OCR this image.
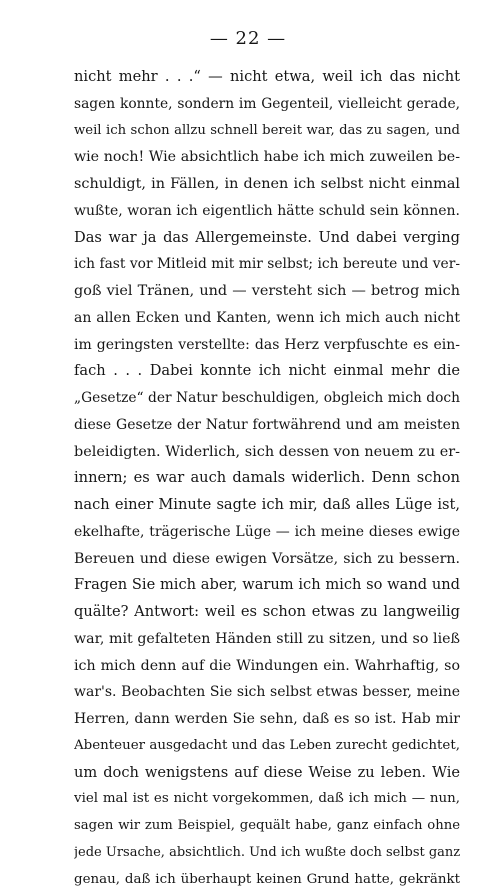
— 22 —
nicht mehr . . .“ — nicht etwa, weil ich das nicht
sagen konnte, sondern im Gegenteil, vielleicht gerade,
weil ich schon allzu schnell bereit war, das zu sagen, und
wie noch! Wie absichtlich habe ich mich zuweilen be-
schuldigt, in Fällen, in denen ich selbst nicht einmal
wußte, woran ich eigentlich hätte schuld sein können.
Das war ja das Allergemeinste. Und dabei verging
ich fast vor Mitleid mit mir selbst; ich bereute und ver-
goß viel Tränen, und — versteht sich — betrog mich
an allen Ecken und Kanten, wenn ich mich auch nicht
im geringsten verstellte: das Herz verpfuschte es ein-
fach . . . Dabei konnte ich nicht einmal mehr die
„Gesetze“ der Natur beschuldigen, obgleich mich doch
diese Gesetze der Natur fortwährend und am meisten
beleidigten. Widerlich, sich dessen von neuem zu er-
innern; es war auch damals widerlich. Denn schon
nach einer Minute sagte ich mir, daß alles Lüge ist,
ekelhafte, trägerische Lüge — ich meine dieses ewige
Bereuen und diese ewigen Vorsätze, sich zu bessern.
Fragen Sie mich aber, warum ich mich so wand und
quälte? Antwort: weil es schon etwas zu langweilig
war, mit gefalteten Händen still zu sitzen, und so ließ
ich mich denn auf die Windungen ein. Wahrhaftig, so
war's. Beobachten Sie sich selbst etwas besser, meine
Herren, dann werden Sie sehn, daß es so ist. Hab mir
Abenteuer ausgedacht und das Leben zurecht gedichtet,
um doch wenigstens auf diese Weise zu leben. Wie
viel mal ist es nicht vorgekommen, daß ich mich — nun,
sagen wir zum Beispiel, gequält habe, ganz einfach ohne
jede Ursache, absichtlich. Und ich wußte doch selbst ganz
genau, daß ich überhaupt keinen Grund hatte, gekränkt
